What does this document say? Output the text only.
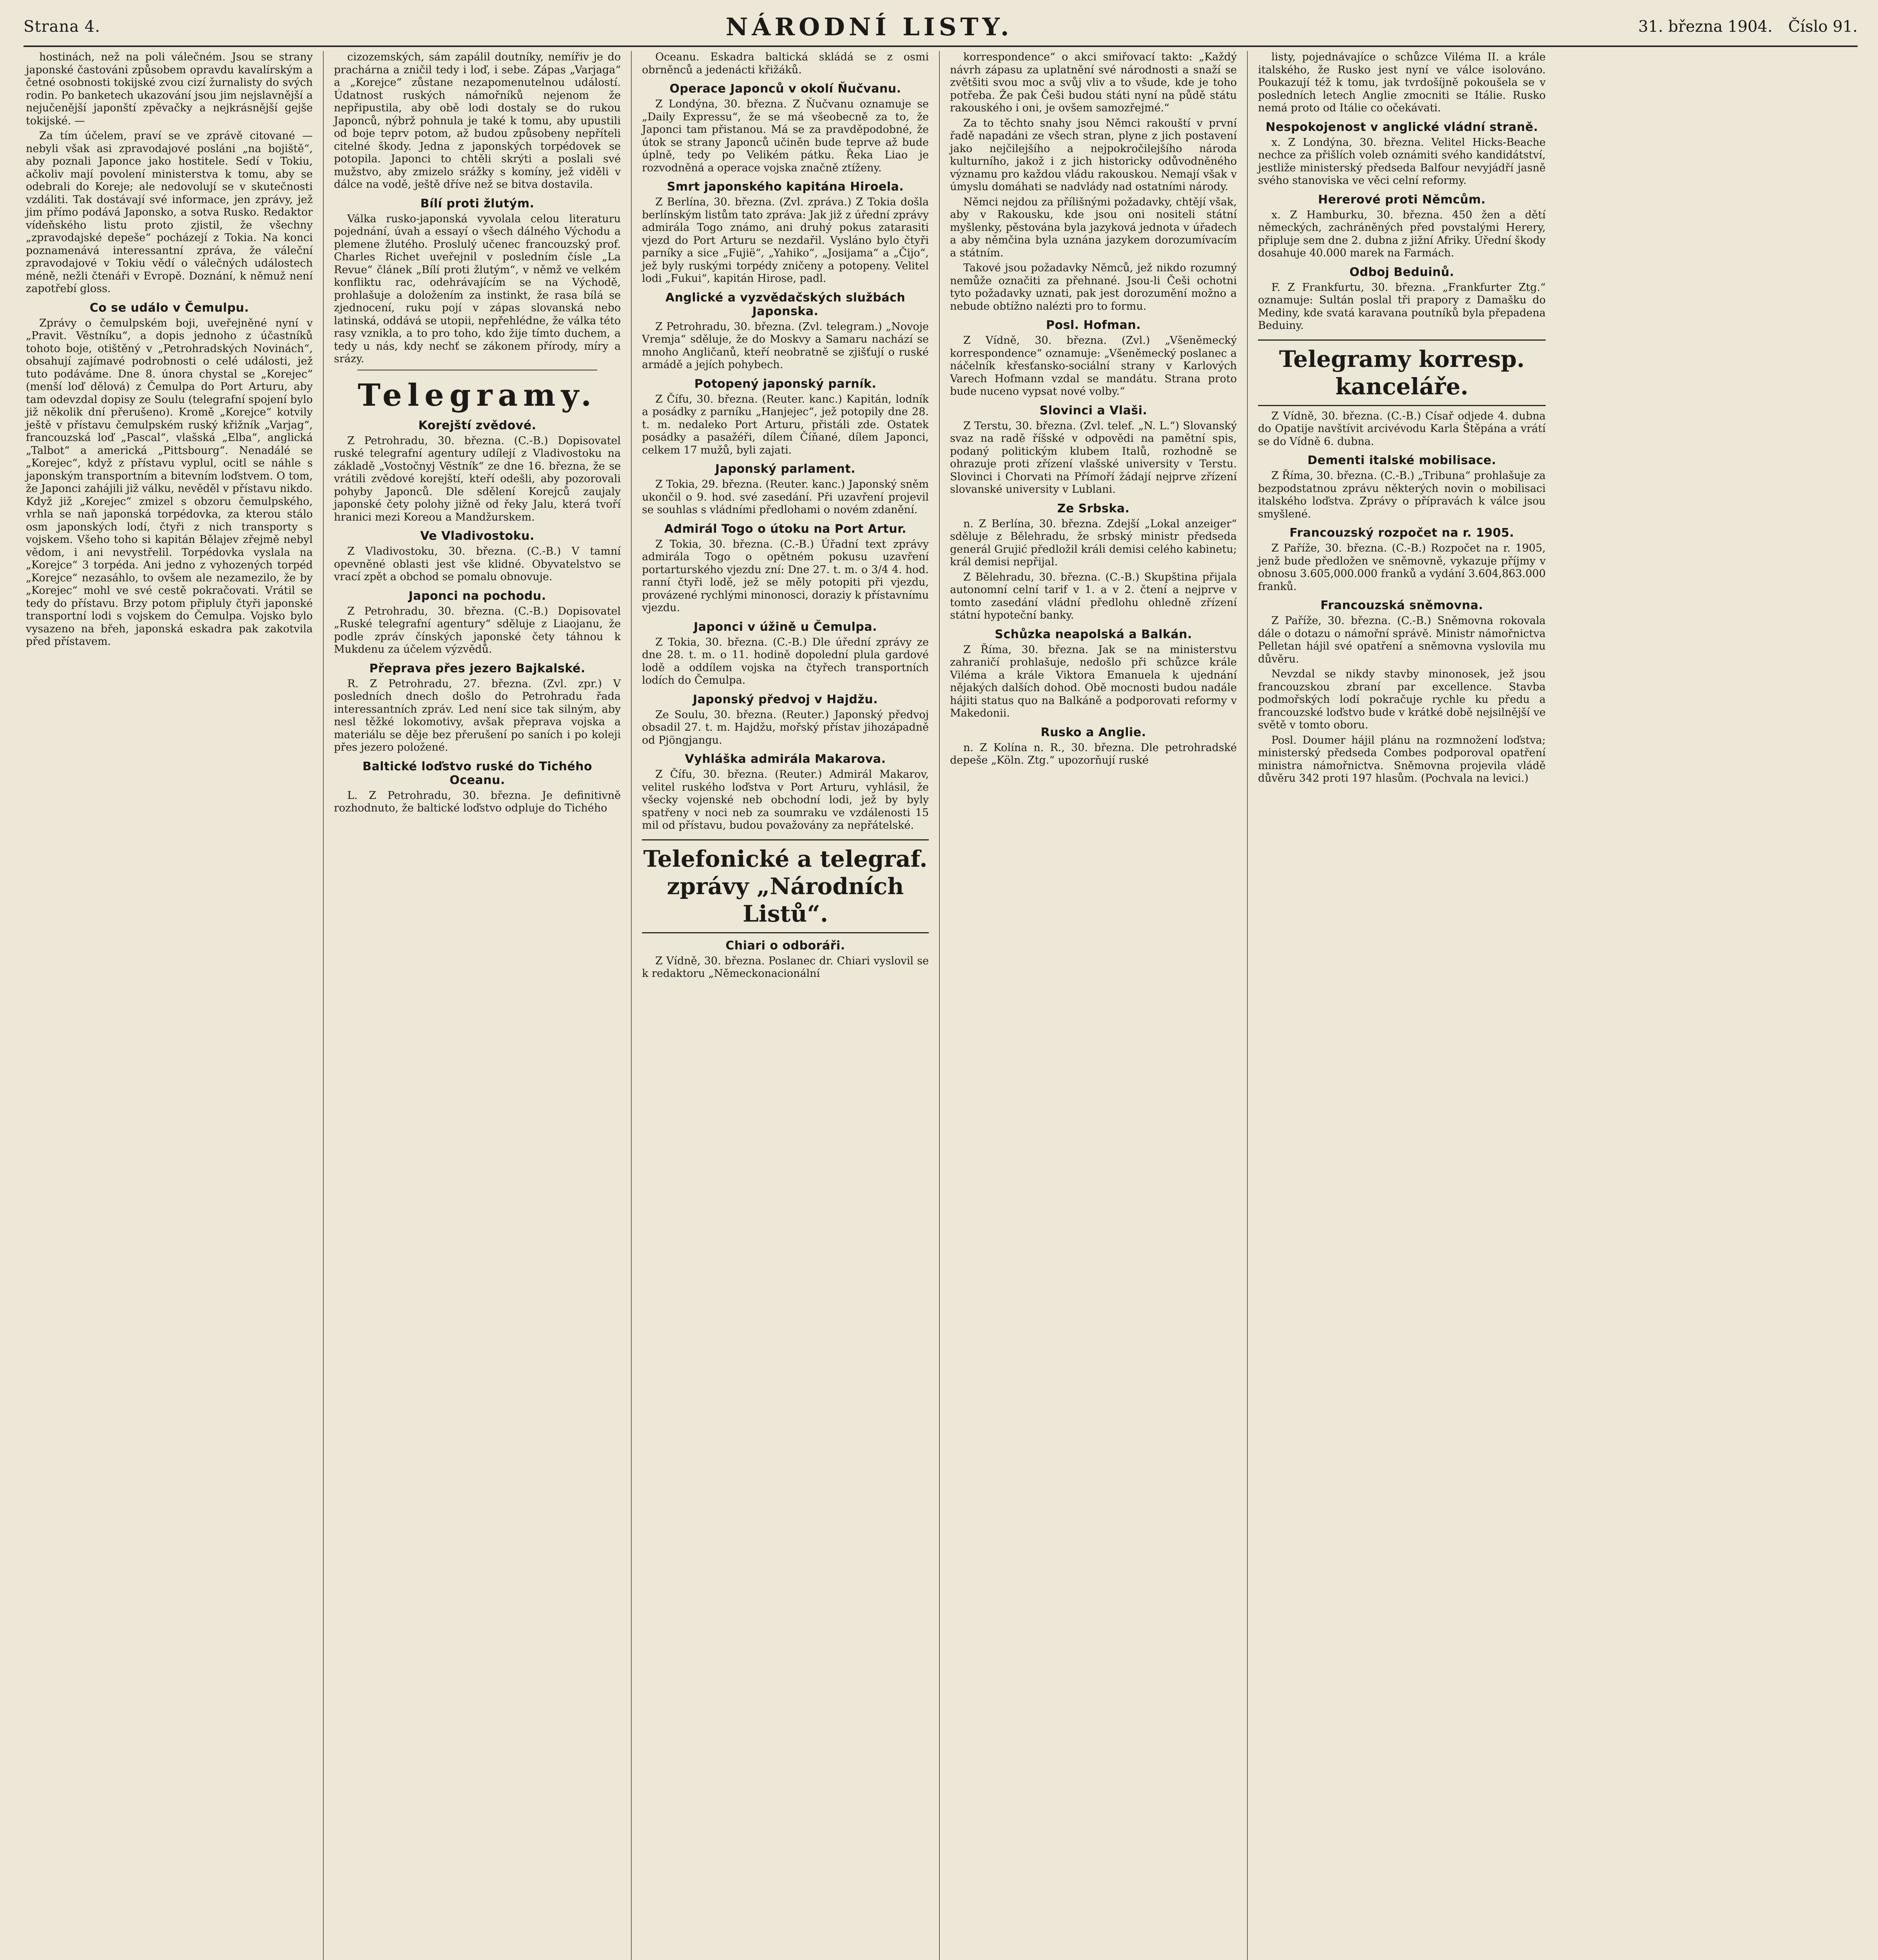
Strana 4.	NÁRODNÍ LISTY.	31. března 1904. Číslo 91.

hostinách, než na poli válečném. Jsou se strany japonské častováni způsobem opravdu kavalírským a četné osobnosti tokijské zvou cizí žurnalisty do svých rodin. Po banketech ukazování jsou jim nejslavnější a nejučenější japonští zpěvačky a nejkrásnější gejše tokijské. —

Za tím účelem, praví se ve zprávě citované — nebyli však asi zpravodajové posláni „na bojiště“, aby poznali Japonce jako hostitele. Sedí v Tokiu, ačkoliv mají povolení ministerstva k tomu, aby se odebrali do Koreje; ale nedovolují se v skutečnosti vzdáliti. Tak dostávají své informace, jen zprávy, jež jim přímo podává Japonsko, a sotva Rusko. Redaktor vídeňského listu proto zjistil, že všechny „zpravodajské depeše“ pocházejí z Tokia. Na konci poznamenává interessantní zpráva, že váleční zpravodajové v Tokiu vědí o válečných událostech méně, nežli čtenáři v Evropě. Doznání, k němuž není zapotřebí gloss.

Co se událo v Čemulpu.

Zprávy o čemulpském boji, uveřejněné nyní v „Pravit. Věstníku“, a dopis jednoho z účastníků tohoto boje, otištěný v „Petrohradských Novinách“, obsahují zajímavé podrobnosti o celé události, jež tuto podáváme. Dne 8. února chystal se „Korejec“ (menší loď dělová) z Čemulpa do Port Arturu, aby tam odevzdal dopisy ze Soulu (telegrafní spojení bylo již několik dní přerušeno). Kromě „Korejce“ kotvily ještě v přístavu čemulpském ruský křižník „Varjag“, francouzská loď „Pascal“, vlašská „Elba“, anglická „Talbot“ a americká „Pittsbourg“. Nenadálé se „Korejec“, když z přístavu vyplul, ocitl se náhle s japonským transportním a bitevním loďstvem. O tom, že Japonci zahájili již válku, nevěděl v přístavu nikdo. Když již „Korejec“ zmizel s obzoru čemulpského, vrhla se naň japonská torpédovka, za kterou stálo osm japonských lodí, čtyři z nich transporty s vojskem. Všeho toho si kapitán Bělajev zřejmě nebyl vědom, i ani nevystřelil. Torpédovka vyslala na „Korejce“ 3 torpéda. Ani jedno z vyhozených torpéd „Korejce“ nezasáhlo, to ovšem ale nezamezilo, že by „Korejec“ mohl ve své cestě pokračovati. Vrátil se tedy do přístavu. Brzy potom připluly čtyři japonské transportní lodi s vojskem do Čemulpa. Vojsko bylo vysazeno na břeh, japonská eskadra pak zakotvila před přístavem.

cizozemských, sám zapálil doutníky, nemířiv je do prachárna a zničil tedy i loď, i sebe. Zápas „Varjaga“ a „Korejce“ zůstane nezapomenutelnou událostí. Údatnost ruských námořníků nejenom že nepřipustila, aby obě lodi dostaly se do rukou Japonců, nýbrž pohnula je také k tomu, aby upustili od boje teprv potom, až budou způsobeny nepříteli citelné škody. Jedna z japonských torpédovek se potopila. Japonci to chtěli skrýti a poslali své mužstvo, aby zmizelo srážky s komíny, jež viděli v dálce na vodě, ještě dříve než se bitva dostavila.

Bílí proti žlutým.

Válka rusko-japonská vyvolala celou literaturu pojednání, úvah a essayí o všech dálného Východu a plemene žlutého. Proslulý učenec francouzský prof. Charles Richet uveřejnil v posledním čísle „La Revue“ článek „Bílí proti žlutým“, v němž ve velkém konfliktu rac, odehrávajícím se na Východě, prohlašuje a doložením za instinkt, že rasa bílá se zjednocení, ruku pojí v zápas slovanská nebo latinská, oddává se utopii, nepřehlédne, že válka této rasy vznikla, a to pro toho, kdo žije tímto duchem, a tedy u nás, kdy nechť se zákonem přírody, míry a srázy.

Telegramy.
Korejští zvědové.

Z Petrohradu, 30. března. (C.-B.) Dopisovatel ruské telegrafní agentury udílejí z Vladivostoku na základě „Vostočnyj Věstník“ ze dne 16. března, že se vrátili zvědové korejští, kteří odešli, aby pozorovali pohyby Japonců. Dle sdělení Korejců zaujaly japonské čety polohy jižně od řeky Jalu, která tvoří hranici mezi Koreou a Mandžurskem.

Ve Vladivostoku.

Z Vladivostoku, 30. března. (C.-B.) V tamní opevněné oblasti jest vše klidné. Obyvatelstvo se vrací zpět a obchod se pomalu obnovuje.

Japonci na pochodu.

Z Petrohradu, 30. března. (C.-B.) Dopisovatel „Ruské telegrafní agentury“ sděluje z Liaojanu, že podle zpráv čínských japonské čety táhnou k Mukdenu za účelem výzvědů.

Přeprava přes jezero Bajkalské.

R. Z Petrohradu, 27. března. (Zvl. zpr.) V posledních dnech došlo do Petrohradu řada interessantních zpráv. Led není sice tak silným, aby nesl těžké lokomotivy, avšak přeprava vojska a materiálu se děje bez přerušení po saních i po koleji přes jezero položené.

Baltické loďstvo ruské do Tichého Oceanu.

L. Z Petrohradu, 30. března. Je definitivně rozhodnuto, že baltické loďstvo odpluje do Tichého

Oceanu. Eskadra baltická skládá se z osmi obrněnců a jedenácti křižáků.

Operace Japonců v okolí Ňučvanu.

Z Londýna, 30. března. Z Ňučvanu oznamuje se „Daily Expressu“, že se má všeobecně za to, že Japonci tam přistanou. Má se za pravděpodobné, že útok se strany Japonců učiněn bude teprve až bude úplně, tedy po Velikém pátku. Řeka Liao je rozvodněná a operace vojska značně ztíženy.

Smrt japonského kapitána Hiroela.

Z Berlína, 30. března. (Zvl. zpráva.) Z Tokia došla berlínským listům tato zpráva: Jak již z úřední zprávy admirála Togo známo, ani druhý pokus zatarasiti vjezd do Port Arturu se nezdařil. Vysláno bylo čtyři parníky a sice „Fujië“, „Yahiko“, „Josijama“ a „Čijo“, jež byly ruskými torpédy zničeny a potopeny. Velitel lodi „Fukui“, kapitán Hirose, padl.

Anglické a vyzvědačských službách Japonska.

Z Petrohradu, 30. března. (Zvl. telegram.) „Novoje Vremja“ sděluje, že do Moskvy a Samaru nachází se mnoho Angličanů, kteří neobratně se zjišťují o ruské armádě a jejích pohybech.

Potopený japonský parník.

Z Čífu, 30. března. (Reuter. kanc.) Kapitán, lodník a posádky z parníku „Hanjejec“, jež potopily dne 28. t. m. nedaleko Port Arturu, přistáli zde. Ostatek posádky a pasažéři, dílem Číňané, dílem Japonci, celkem 17 mužů, byli zajati.

Japonský parlament.

Z Tokia, 29. března. (Reuter. kanc.) Japonský sněm ukončil o 9. hod. své zasedání. Při uzavření projevil se souhlas s vládními předlohami o novém zdanění.

Admirál Togo o útoku na Port Artur.

Z Tokia, 30. března. (C.-B.) Úřadní text zprávy admirála Togo o opětném pokusu uzavření portarturského vjezdu zní: Dne 27. t. m. o 3/4 4. hod. ranní čtyři lodě, jež se měly potopiti při vjezdu, provázené rychlými minonosci, doraziy k přístavnímu vjezdu.

Japonci v úžině u Čemulpa.

Z Tokia, 30. března. (C.-B.) Dle úřední zprávy ze dne 28. t. m. o 11. hodině dopolední plula gardové lodě a oddílem vojska na čtyřech transportních lodích do Čemulpa.

Japonský předvoj v Hajdžu.

Ze Soulu, 30. března. (Reuter.) Japonský předvoj obsadil 27. t. m. Hajdžu, mořský přístav jihozápadně od Pjöngjangu.

Vyhláška admirála Makarova.

Z Čífu, 30. března. (Reuter.) Admirál Makarov, velitel ruského loďstva v Port Arturu, vyhlásil, že všecky vojenské neb obchodní lodi, jež by byly spatřeny v noci neb za soumraku ve vzdálenosti 15 mil od přístavu, budou považovány za nepřátelské.

Telefonické a telegraf. zprávy „Národních Listů“.
Chiari o odboráři.

Z Vídně, 30. března. Poslanec dr. Chiari vyslovil se k redaktoru „Německonacionální

korrespondence“ o akci smiřovací takto: „Každý návrh zápasu za uplatnění své národnosti a snaží se zvětšiti svou moc a svůj vliv a to všude, kde je toho potřeba. Že pak Češi budou státi nyní na půdě státu rakouského i oni, je ovšem samozřejmé.“

Za to těchto snahy jsou Němci rakouští v první řadě napadáni ze všech stran, plyne z jich postavení jako nejčilejšího a nejpokročilejšího národa kulturního, jakož i z jich historicky odůvodněného významu pro každou vládu rakouskou. Nemají však v úmyslu domáhati se nadvlády nad ostatními národy.

Němci nejdou za přílišnými požadavky, chtějí však, aby v Rakousku, kde jsou oni nositeli státní myšlenky, pěstována byla jazyková jednota v úřadech a aby němčina byla uznána jazykem dorozumívacím a státním.

Takové jsou požadavky Němců, jež nikdo rozumný nemůže označiti za přehnané. Jsou-li Češi ochotni tyto požadavky uznati, pak jest dorozumění možno a nebude obtížno nalézti pro to formu.

Posl. Hofman.

Z Vídně, 30. března. (Zvl.) „Všeněmecký korrespondence“ oznamuje: „Všeněmecký poslanec a náčelník křesťansko-sociální strany v Karlových Varech Hofmann vzdal se mandátu. Strana proto bude nuceno vypsat nové volby.“

Slovinci a Vlaši.

Z Terstu, 30. března. (Zvl. telef. „N. L.“) Slovanský svaz na radě říšské v odpovědi na pamětní spis, podaný politickým klubem Italů, rozhodně se ohrazuje proti zřízení vlašské university v Terstu. Slovinci i Chorvati na Přímoří žádají nejprve zřízení slovanské university v Lublani.

Ze Srbska.

n. Z Berlína, 30. března. Zdejší „Lokal anzeiger“ sděluje z Bělehradu, že srbský ministr předseda generál Grujić předložil králi demisi celého kabinetu; král demisi nepřijal.

Z Bělehradu, 30. března. (C.-B.) Skupština přijala autonomní celní tarif v 1. a v 2. čtení a nejprve v tomto zasedání vládní předlohu ohledně zřízení státní hypoteční banky.

Schůzka neapolská a Balkán.

Z Říma, 30. března. Jak se na ministerstvu zahraničí prohlašuje, nedošlo při schůzce krále Viléma a krále Viktora Emanuela k ujednání nějakých dalších dohod. Obě mocnosti budou nadále hájiti status quo na Balkáně a podporovati reformy v Makedonii.

Rusko a Anglie.

n. Z Kolína n. R., 30. března. Dle petrohradské depeše „Köln. Ztg.“ upozorňují ruské

listy, pojednávajíce o schůzce Viléma II. a krále italského, že Rusko jest nyní ve válce isolováno. Poukazují též k tomu, jak tvrdošíjně pokoušela se v posledních letech Anglie zmocniti se Itálie. Rusko nemá proto od Itálie co očekávati.

Nespokojenost v anglické vládní straně.

x. Z Londýna, 30. března. Velitel Hicks-Beache nechce za přišlích voleb oznámiti svého kandidátství, jestliže ministerský předseda Balfour nevyjádří jasně svého stanoviska ve věci celní reformy.

Hererové proti Němcům.

x. Z Hamburku, 30. března. 450 žen a dětí německých, zachráněných před povstalými Herery, připluje sem dne 2. dubna z jižní Afriky. Úřední škody dosahuje 40.000 marek na Farmách.

Odboj Beduinů.

F. Z Frankfurtu, 30. března. „Frankfurter Ztg.“ oznamuje: Sultán poslal tři prapory z Damašku do Mediny, kde svatá karavana poutníků byla přepadena Beduiny.

Telegramy korresp. kanceláře.

Z Vídně, 30. března. (C.-B.) Císař odjede 4. dubna do Opatije navštívit arcivévodu Karla Štěpána a vrátí se do Vídně 6. dubna.

Dementi italské mobilisace.

Z Říma, 30. března. (C.-B.) „Tribuna“ prohlašuje za bezpodstatnou zprávu některých novin o mobilisaci italského loďstva. Zprávy o přípravách k válce jsou smyšlené.

Francouzský rozpočet na r. 1905.

Z Paříže, 30. března. (C.-B.) Rozpočet na r. 1905, jenž bude předložen ve sněmovně, vykazuje příjmy v obnosu 3.605,000.000 franků a vydání 3.604,863.000 franků.

Francouzská sněmovna.

Z Paříže, 30. března. (C.-B.) Sněmovna rokovala dále o dotazu o námořní správě. Ministr námořnictva Pelletan hájil své opatření a sněmovna vyslovila mu důvěru.

Nevzdal se nikdy stavby minonosek, jež jsou francouzskou zbraní par excellence. Stavba podmořských lodí pokračuje rychle ku předu a francouzské loďstvo bude v krátké době nejsilnější ve světě v tomto oboru.

Posl. Doumer hájil plánu na rozmnožení loďstva; ministerský předseda Combes podporoval opatření ministra námořnictva. Sněmovna projevila vládě důvěru 342 proti 197 hlasům. (Pochvala na levici.)
